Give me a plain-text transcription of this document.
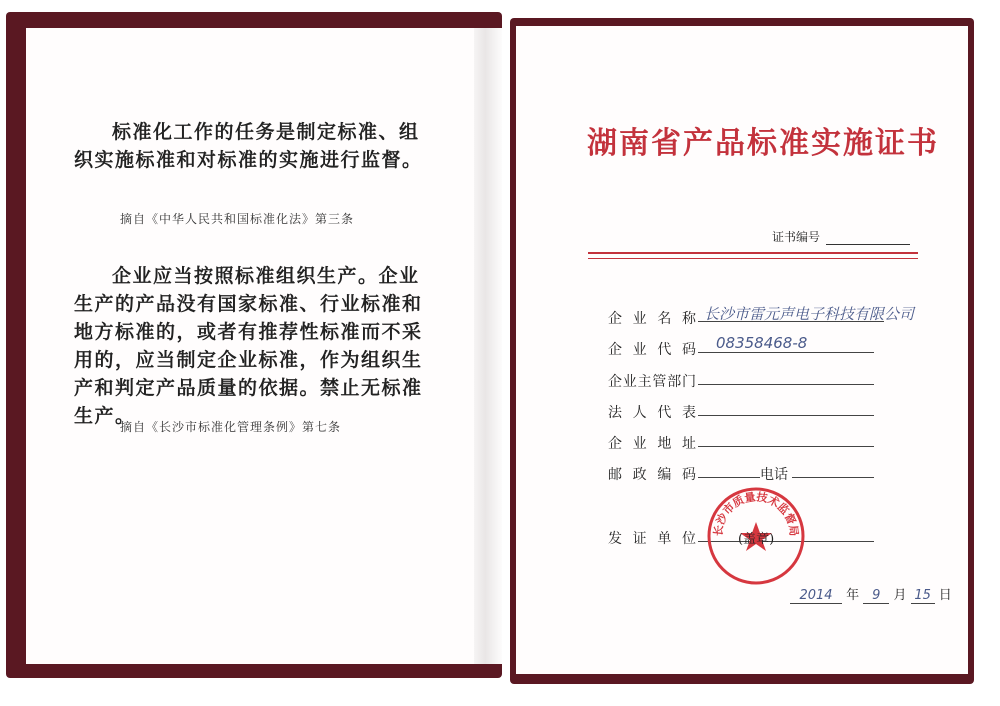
标准化工作的任务是制定标准、组织实施标准和对标准的实施进行监督。
摘自《中华人民共和国标准化法》第三条
企业应当按照标准组织生产。企业生产的产品没有国家标准、行业标准和地方标准的，或者有推荐性标准而不采用的，应当制定企业标准，作为组织生产和判定产品质量的依据。禁止无标准生产。
摘自《长沙市标准化管理条例》第七条
湖南省产品标准实施证书
证书编号
企业名称 长沙市雷元声电子科技有限公司
企业代码 08358468-8
企业主管部门
法人代表
企业地址
邮政编码	电话
发证单位
长沙市质量技术监督局
(盖章)
2014 年 9 月 15 日
